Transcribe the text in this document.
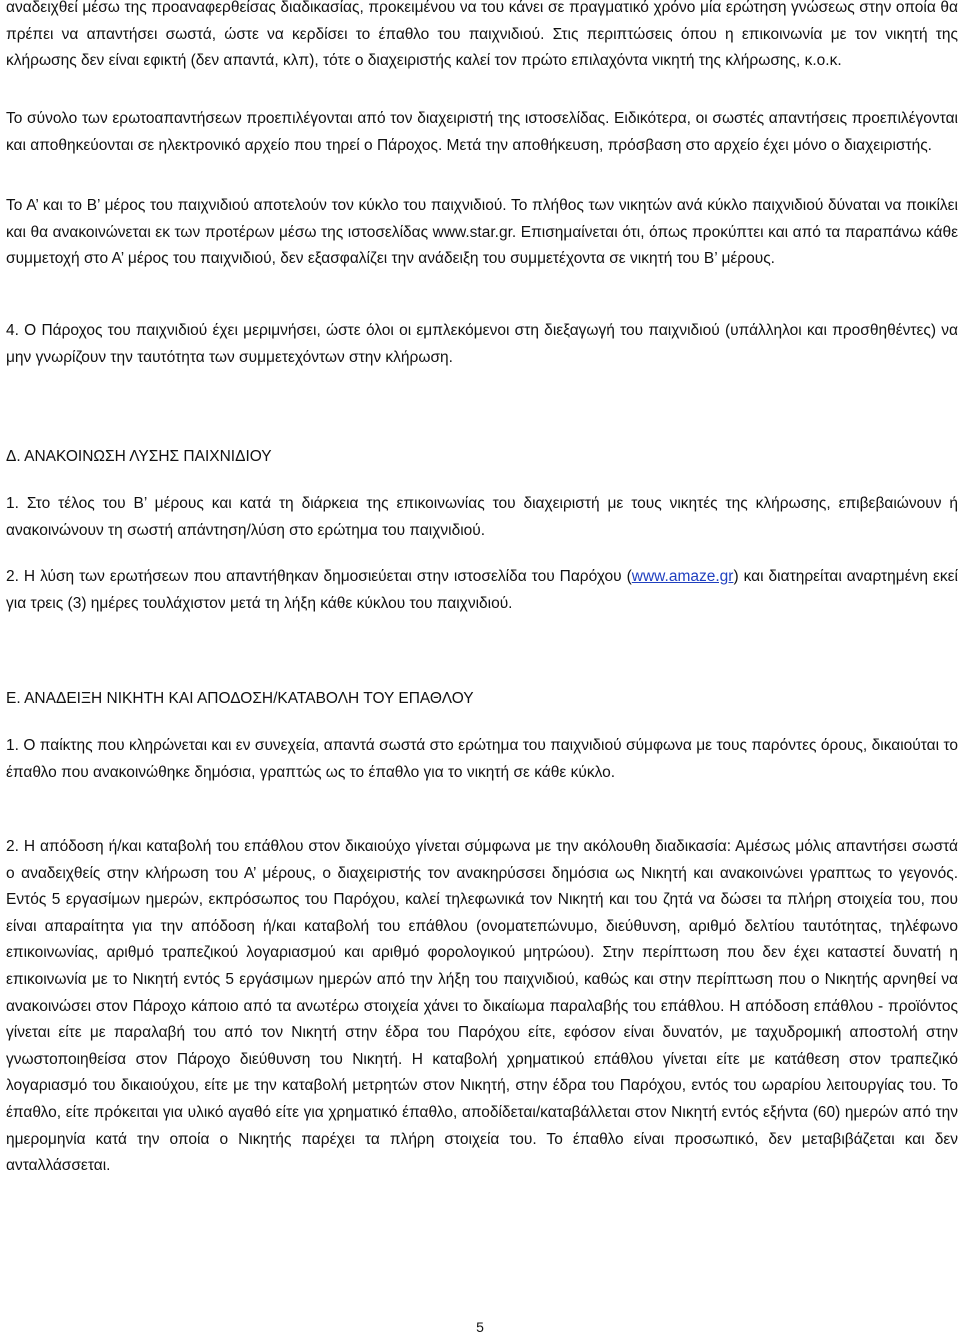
αναδειχθεί μέσω της προαναφερθείσας διαδικασίας, προκειμένου να του κάνει σε πραγματικό χρόνο μία ερώτηση γνώσεως στην οποία θα πρέπει να απαντήσει σωστά, ώστε να κερδίσει το έπαθλο του παιχνιδιού. Στις περιπτώσεις όπου η επικοινωνία με τον νικητή της κλήρωσης δεν είναι εφικτή (δεν απαντά, κλπ), τότε ο διαχειριστής καλεί τον πρώτο επιλαχόντα νικητή της κλήρωσης, κ.ο.κ.

Το σύνολο των ερωτοαπαντήσεων προεπιλέγονται από τον διαχειριστή της ιστοσελίδας. Ειδικότερα, οι σωστές απαντήσεις προεπιλέγονται και αποθηκεύονται σε ηλεκτρονικό αρχείο που τηρεί ο Πάροχος. Μετά την αποθήκευση, πρόσβαση στο αρχείο έχει μόνο ο διαχειριστής.

Το Α’ και το Β’ μέρος του παιχνιδιού αποτελούν τον κύκλο του παιχνιδιού. Το πλήθος των νικητών ανά κύκλο παιχνιδιού δύναται να ποικίλει και θα ανακοινώνεται εκ των προτέρων μέσω της ιστοσελίδας www.star.gr. Επισημαίνεται ότι, όπως προκύπτει και από τα παραπάνω κάθε συμμετοχή στο Α’ μέρος του παιχνιδιού, δεν εξασφαλίζει την ανάδειξη του συμμετέχοντα σε νικητή του Β’ μέρους.

4. Ο Πάροχος του παιχνιδιού έχει μεριμνήσει, ώστε όλοι οι εμπλεκόμενοι στη διεξαγωγή του παιχνιδιού (υπάλληλοι και προσθηθέντες) να μην γνωρίζουν την ταυτότητα των συμμετεχόντων στην κλήρωση.

Δ. ΑΝΑΚΟΙΝΩΣΗ ΛΥΣΗΣ ΠΑΙΧΝΙΔΙΟΥ

1. Στο τέλος του Β’ μέρους και κατά τη διάρκεια της επικοινωνίας του διαχειριστή με τους νικητές της κλήρωσης, επιβεβαιώνουν ή ανακοινώνουν τη σωστή απάντηση/λύση στο ερώτημα του παιχνιδιού.

2. Η λύση των ερωτήσεων που απαντήθηκαν δημοσιεύεται στην ιστοσελίδα του Παρόχου (www.amaze.gr) και διατηρείται αναρτημένη εκεί για τρεις (3) ημέρες τουλάχιστον μετά τη λήξη κάθε κύκλου του παιχνιδιού.

Ε. ΑΝΑΔΕΙΞΗ ΝΙΚΗΤΗ ΚΑΙ ΑΠΟΔΟΣΗ/ΚΑΤΑΒΟΛΗ ΤΟΥ ΕΠΑΘΛΟΥ

1. Ο παίκτης που κληρώνεται και εν συνεχεία, απαντά σωστά στο ερώτημα του παιχνιδιού σύμφωνα με τους παρόντες όρους, δικαιούται το έπαθλο που ανακοινώθηκε δημόσια, γραπτώς ως το έπαθλο για το νικητή σε κάθε κύκλο.

2. Η απόδοση ή/και καταβολή του επάθλου στον δικαιούχο γίνεται σύμφωνα με την ακόλουθη διαδικασία: Αμέσως μόλις απαντήσει σωστά ο αναδειχθείς στην κλήρωση του Α’ μέρους, ο διαχειριστής τον ανακηρύσσει δημόσια ως Νικητή και ανακοινώνει γραπτως το γεγονός. Εντός 5 εργασίμων ημερών, εκπρόσωπος του Παρόχου, καλεί τηλεφωνικά τον Νικητή και του ζητά να δώσει τα πλήρη στοιχεία του, που είναι απαραίτητα για την απόδοση ή/και καταβολή του επάθλου (ονοματεπώνυμο, διεύθυνση, αριθμό δελτίου ταυτότητας, τηλέφωνο επικοινωνίας, αριθμό τραπεζικού λογαριασμού και αριθμό φορολογικού μητρώου). Στην περίπτωση που δεν έχει καταστεί δυνατή η επικοινωνία με το Νικητή εντός 5 εργάσιμων ημερών από την λήξη του παιχνιδιού, καθώς και στην περίπτωση που ο Νικητής αρνηθεί να ανακοινώσει στον Πάροχο κάποιο από τα ανωτέρω στοιχεία χάνει το δικαίωμα παραλαβής του επάθλου. Η απόδοση επάθλου - προϊόντος γίνεται είτε με παραλαβή του από τον Νικητή στην έδρα του Παρόχου είτε, εφόσον είναι δυνατόν, με ταχυδρομική αποστολή στην γνωστοποιηθείσα στον Πάροχο διεύθυνση του Νικητή. Η καταβολή χρηματικού επάθλου γίνεται είτε με κατάθεση στον τραπεζικό λογαριασμό του δικαιούχου, είτε με την καταβολή μετρητών στον Νικητή, στην έδρα του Παρόχου, εντός του ωραρίου λειτουργίας του. Το έπαθλο, είτε πρόκειται για υλικό αγαθό είτε για χρηματικό έπαθλο, αποδίδεται/καταβάλλεται στον Νικητή εντός εξήντα (60) ημερών από την ημερομηνία κατά την οποία ο Νικητής παρέχει τα πλήρη στοιχεία του. Το έπαθλο είναι προσωπικό, δεν μεταβιβάζεται και δεν ανταλλάσσεται.

5
